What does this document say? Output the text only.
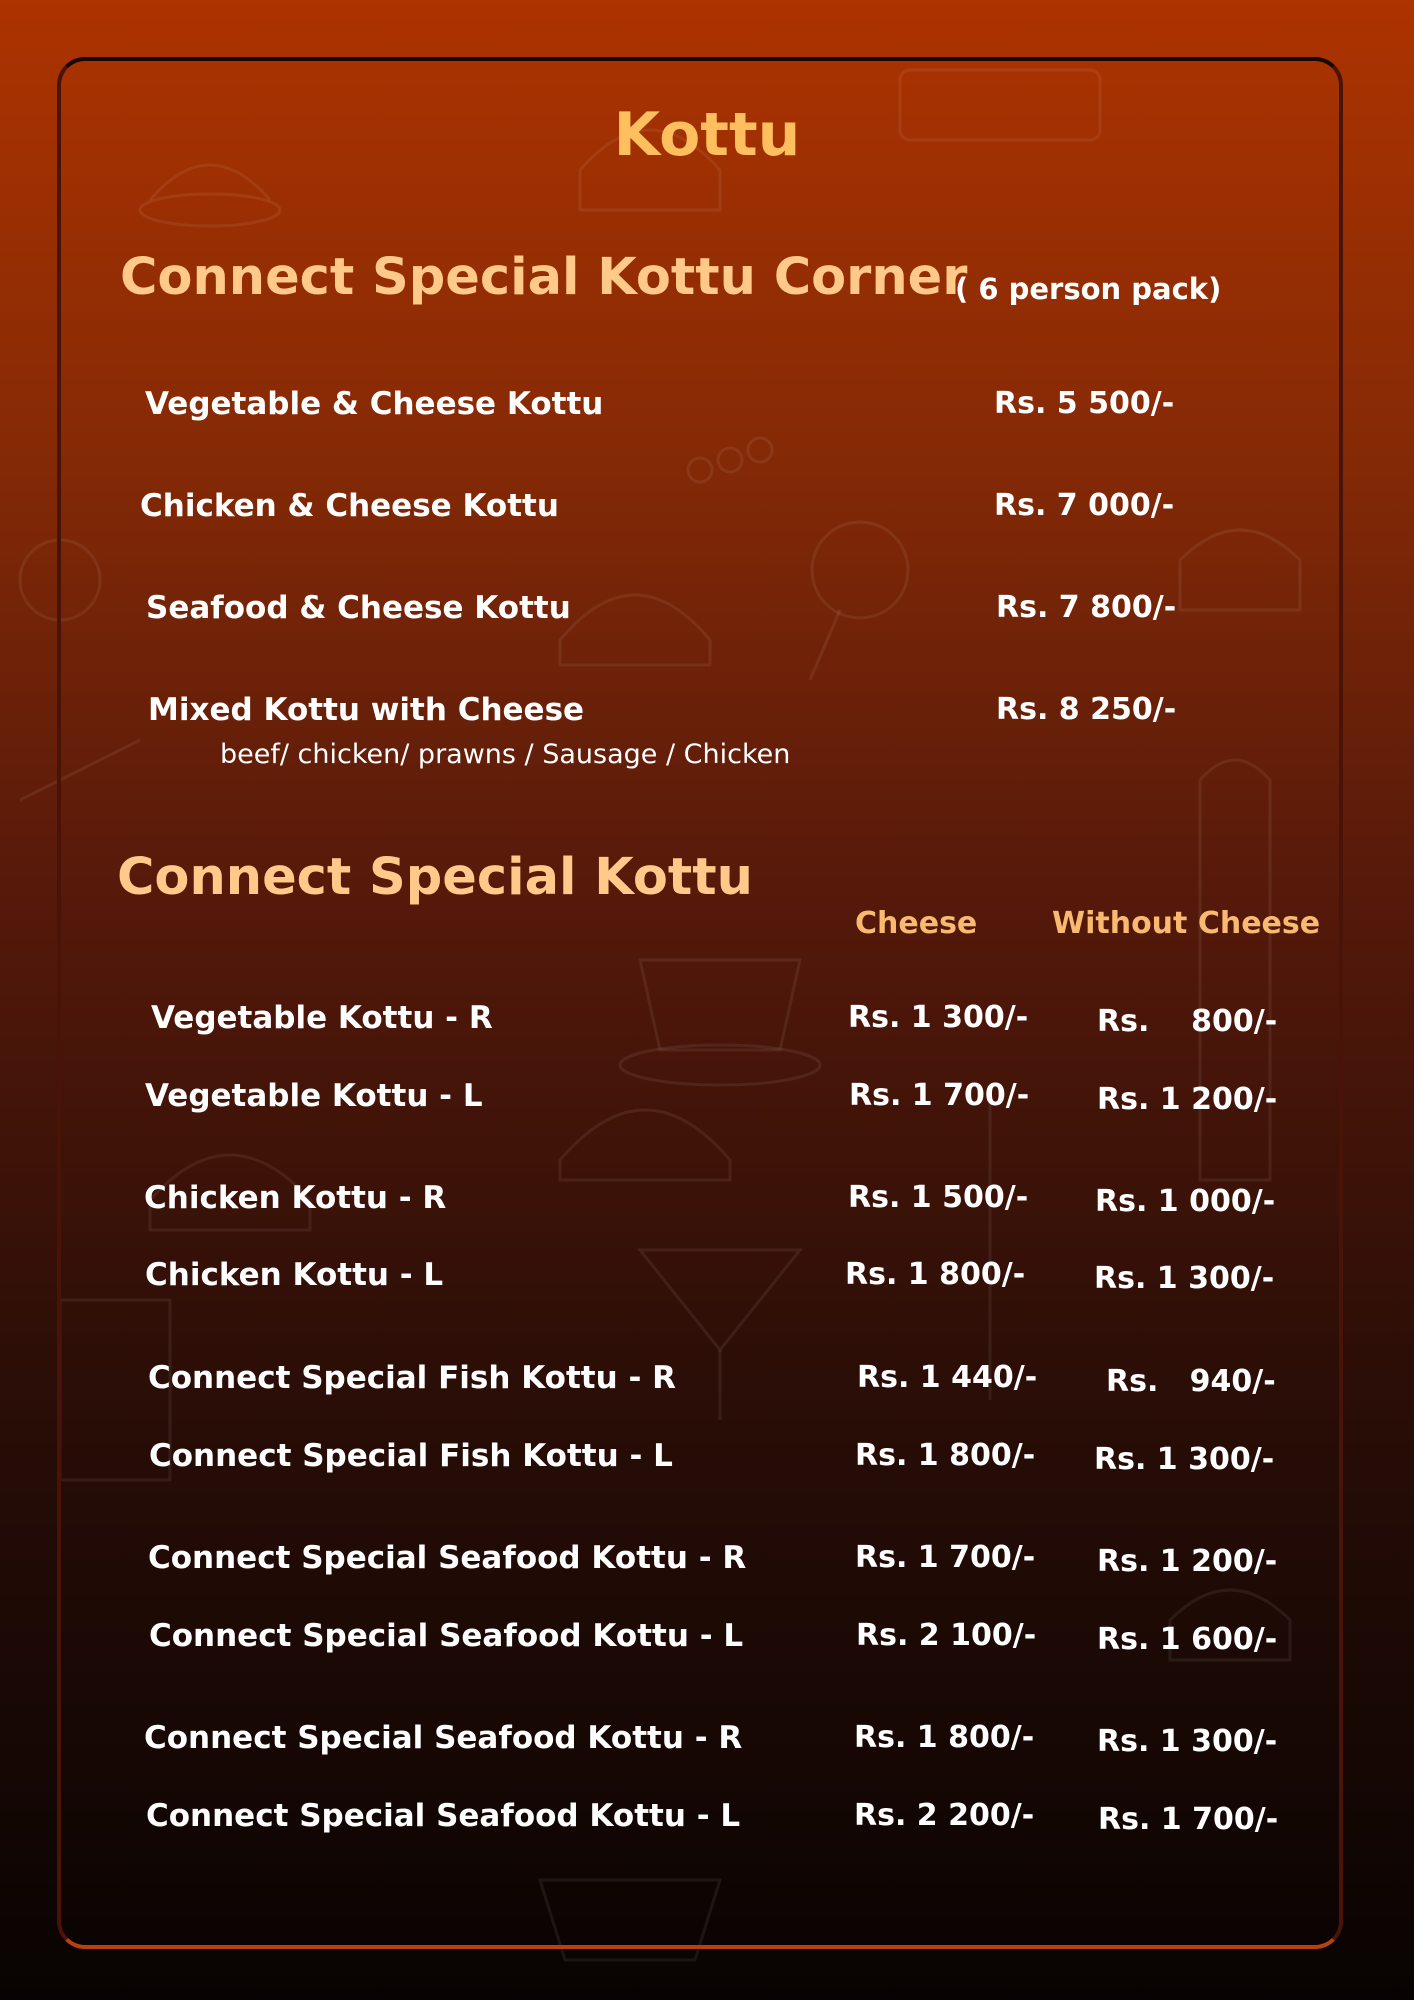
Kottu
Connect Special Kottu Corner
( 6 person pack)
Vegetable & Cheese Kottu	Rs. 5 500/-
Chicken & Cheese Kottu	Rs. 7 000/-
Seafood & Cheese Kottu	Rs. 7 800/-
Mixed Kottu with Cheese	Rs. 8 250/-
beef/ chicken/ prawns / Sausage / Chicken
Connect Special Kottu
Cheese Without Cheese
Vegetable Kottu - R	Rs. 1 300/- Rs.    800/-
Vegetable Kottu - L	Rs. 1 700/- Rs. 1 200/-
Chicken Kottu - R	Rs. 1 500/- Rs. 1 000/-
Chicken Kottu - L	Rs. 1 800/- Rs. 1 300/-
Connect Special Fish Kottu - R	Rs. 1 440/- Rs.   940/-
Connect Special Fish Kottu - L	Rs. 1 800/- Rs. 1 300/-
Connect Special Seafood Kottu - R	Rs. 1 700/- Rs. 1 200/-
Connect Special Seafood Kottu - L	Rs. 2 100/- Rs. 1 600/-
Connect Special Seafood Kottu - R	Rs. 1 800/- Rs. 1 300/-
Connect Special Seafood Kottu - L	Rs. 2 200/- Rs. 1 700/-
